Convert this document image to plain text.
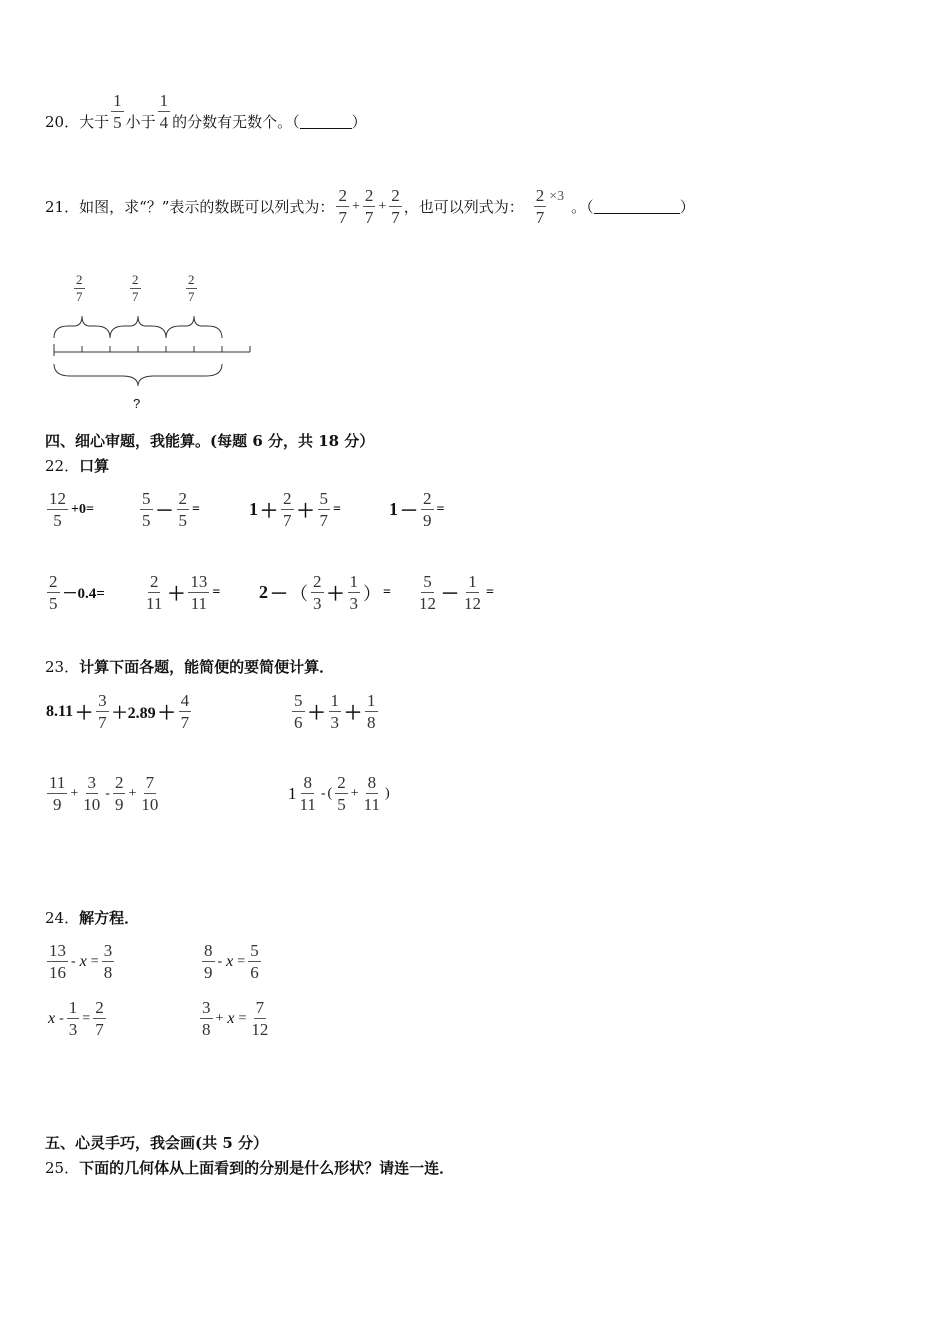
20． 大于
1
5 小于
1
4 的分数有无数个。（	）
21． 如图，求“？”表示的数既可以列式为：
2
7
+ $\frac{2}{7} + \frac{2}{7}$ ，也可以列式为： $\frac{2}{7} \times 3$
。（	）
$\frac{2}{7}$	$\frac{2}{7}$	$\frac{2}{7}$
?
四、细心审题，我能算。(每题 6 分，共 18 分）
22．口算
12
5
+0=
5
$5 - \frac{2}{5}$ =	1 ＋
2
$7 + \frac{5}{7}$ =	$1 - \frac{2}{9}$ =
2
5 －0.4=
2
$11 + \frac{13}{11} = 2$ － （
2
3 ＋
1
3 ） =
5
$12 - \frac{1}{12}$ =
23．计算下面各题，能简便的要简便计算．
8.11 ＋
3
7 ＋2.89 ＋
4
7
5
6 ＋
1
3 ＋
1
8
11
9
+ $\frac{3}{10}$ -
2
9
+ $\frac{7}{10}$	1
8
11
- (
2
5
+ $\frac{8}{11}$ )
24．解方程．
13
16
- $x = \frac{3}{8}$	8
9
- $x = \frac{5}{6}$
$x - \frac{1}{3} = \frac{2}{7}$	3
8
+ $x = \frac{7}{12}$
五、心灵手巧，我会画(共 5 分）
25．下面的几何体从上面看到的分别是什么形状？请连一连．
